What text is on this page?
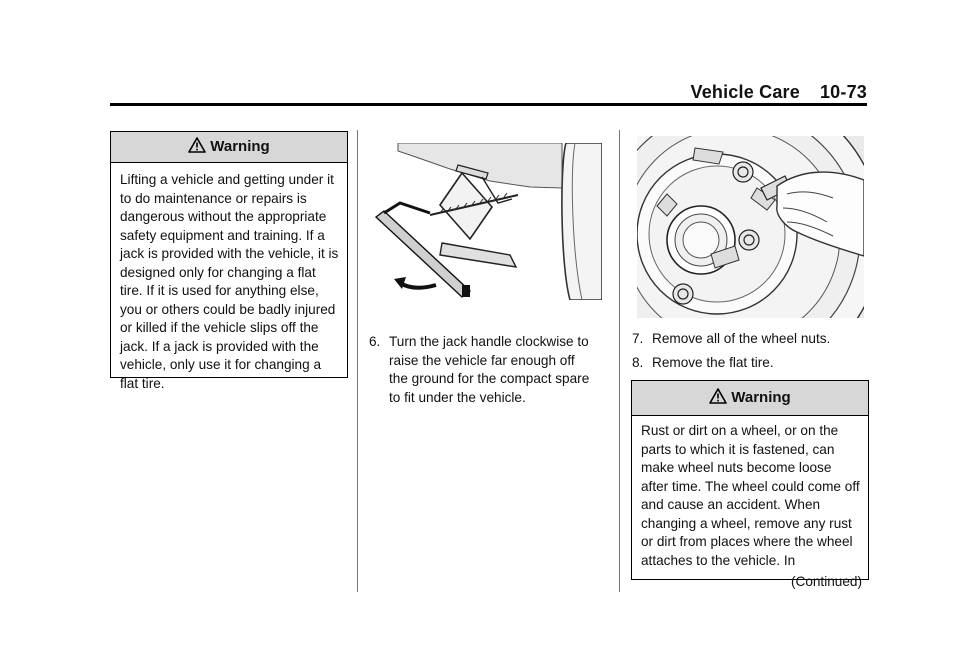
Vehicle Care 10-73
Warning
Lifting a vehicle and getting under it to do maintenance or repairs is dangerous without the appropriate safety equipment and training. If a jack is provided with the vehicle, it is designed only for changing a flat tire. If it is used for anything else, you or others could be badly injured or killed if the vehicle slips off the jack. If a jack is provided with the vehicle, only use it for changing a flat tire.
6. Turn the jack handle clockwise to raise the vehicle far enough off the ground for the compact spare to fit under the vehicle.
7. Remove all of the wheel nuts.
8. Remove the flat tire.
Warning
Rust or dirt on a wheel, or on the parts to which it is fastened, can make wheel nuts become loose after time. The wheel could come off and cause an accident. When changing a wheel, remove any rust or dirt from places where the wheel attaches to the vehicle. In
(Continued)
